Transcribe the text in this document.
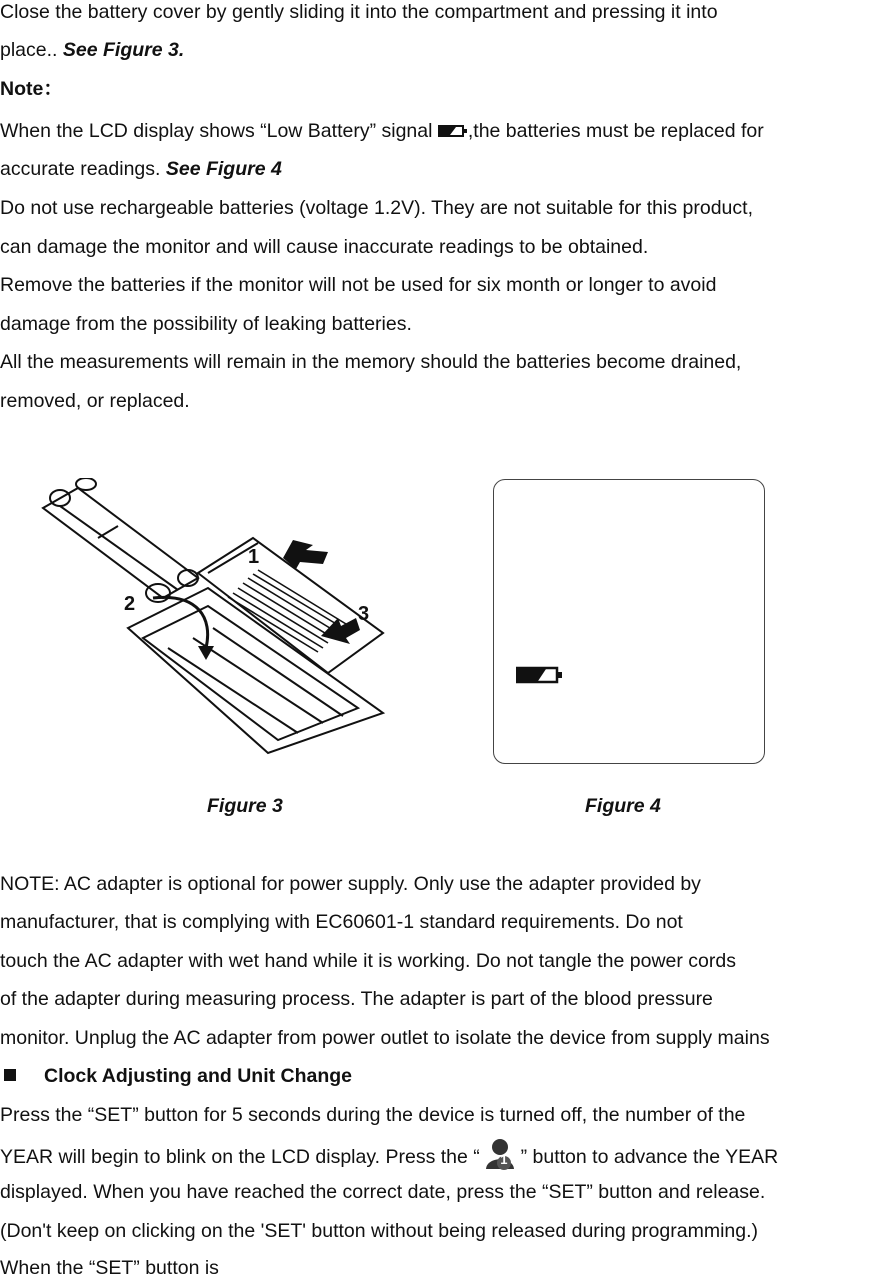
Close the battery cover by gently sliding it into the compartment and pressing it into
place.. See Figure 3.
Note：
When the LCD display shows “Low Battery” signal ,the batteries must be replaced for
accurate readings. See Figure 4
Do not use rechargeable batteries (voltage 1.2V). They are not suitable for this product,
can damage the monitor and will cause inaccurate readings to be obtained.
Remove the batteries if the monitor will not be used for six month or longer to avoid
damage from the possibility of leaking batteries.
All the measurements will remain in the memory should the batteries become drained,
removed, or replaced.
1
2	3
Figure 3	Figure 4
NOTE: AC adapter is optional for power supply. Only use the adapter provided by
manufacturer, that is complying with EC60601-1 standard requirements. Do not
touch the AC adapter with wet hand while it is working. Do not tangle the power cords
of the adapter during measuring process. The adapter is part of the blood pressure
monitor. Unplug the AC adapter from power outlet to isolate the device from supply mains
Clock Adjusting and Unit Change
Press the “SET” button for 5 seconds during the device is turned off, the number of the
YEAR will begin to blink on the LCD display. Press the “ 1 ” button to advance the YEAR
displayed. When you have reached the correct date, press the “SET” button and release.
(Don't keep on clicking on the 'SET' button without being released during programming.)
When the “SET” button is
